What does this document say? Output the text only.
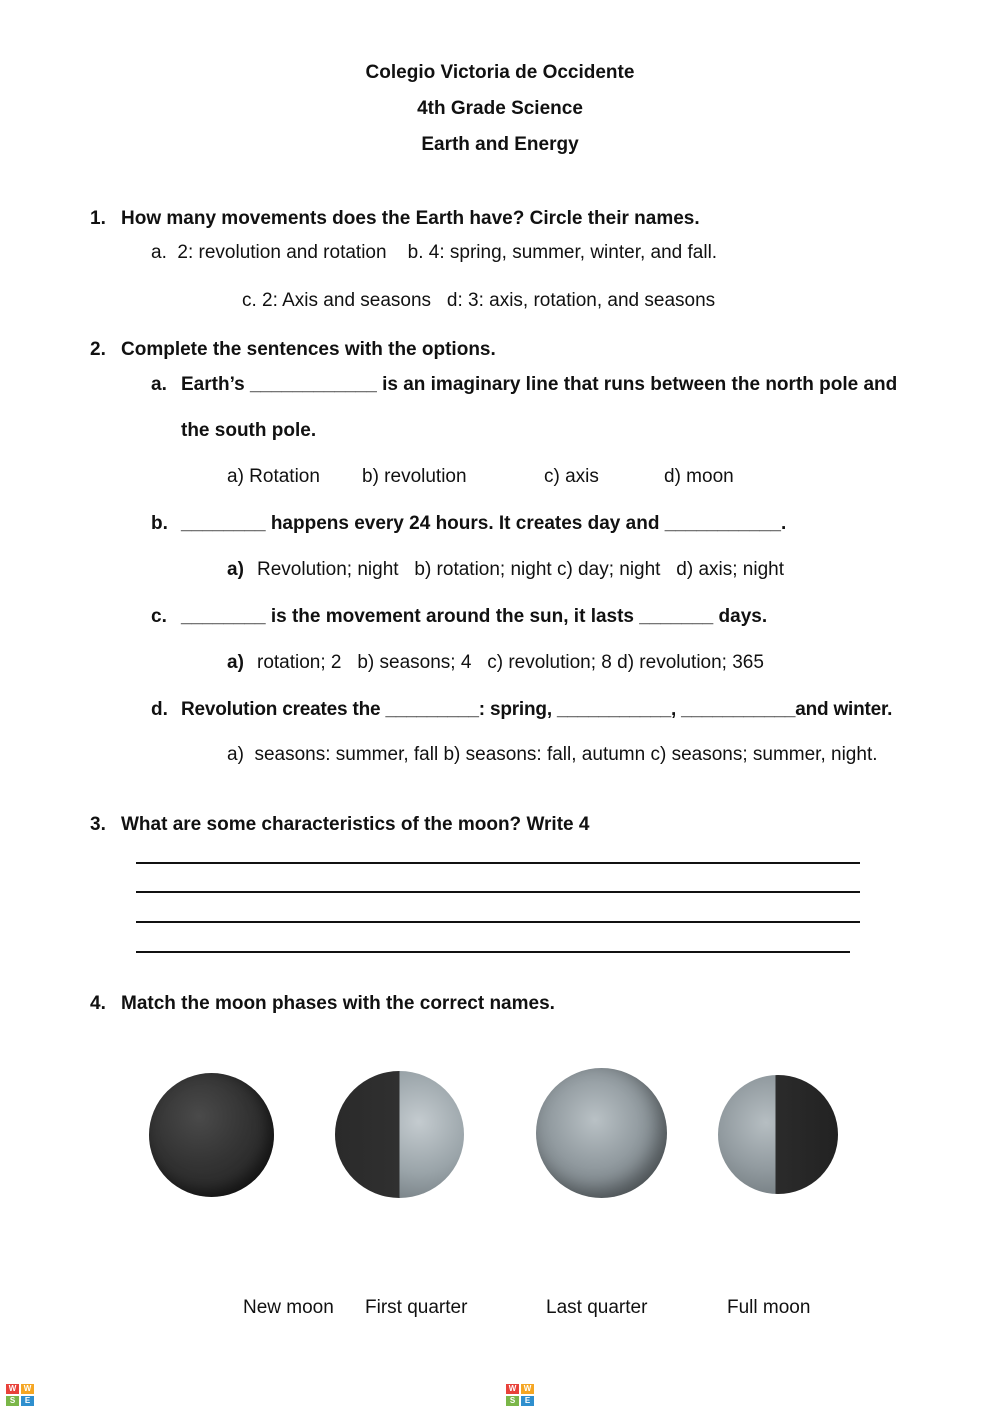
Colegio Victoria de Occidente
4th Grade Science
Earth and Energy
1. How many movements does the Earth have? Circle their names.
a.  2: revolution and rotation    b. 4: spring, summer, winter, and fall.
c. 2: Axis and seasons   d: 3: axis, rotation, and seasons
2. Complete the sentences with the options.
a. Earth’s ____________ is an imaginary line that runs between the north pole and
the south pole.
a) Rotation b) revolution	c) axis	d) moon
b. ________ happens every 24 hours. It creates day and ___________.
a) Revolution; night   b) rotation; night c) day; night   d) axis; night
c. ________ is the movement around the sun, it lasts _______ days.
a) rotation; 2   b) seasons; 4   c) revolution; 8 d) revolution; 365
d. Revolution creates the _________: spring, ___________, ___________and winter.
a)  seasons: summer, fall b) seasons: fall, autumn c) seasons; summer, night.
3. What are some characteristics of the moon? Write 4
4. Match the moon phases with the correct names.
New moon First quarter	Last quarter	Full moon
W W
S	E WISEWORKSHEETS.COM	W W
S	E WISEWORKSHEETS.COM
